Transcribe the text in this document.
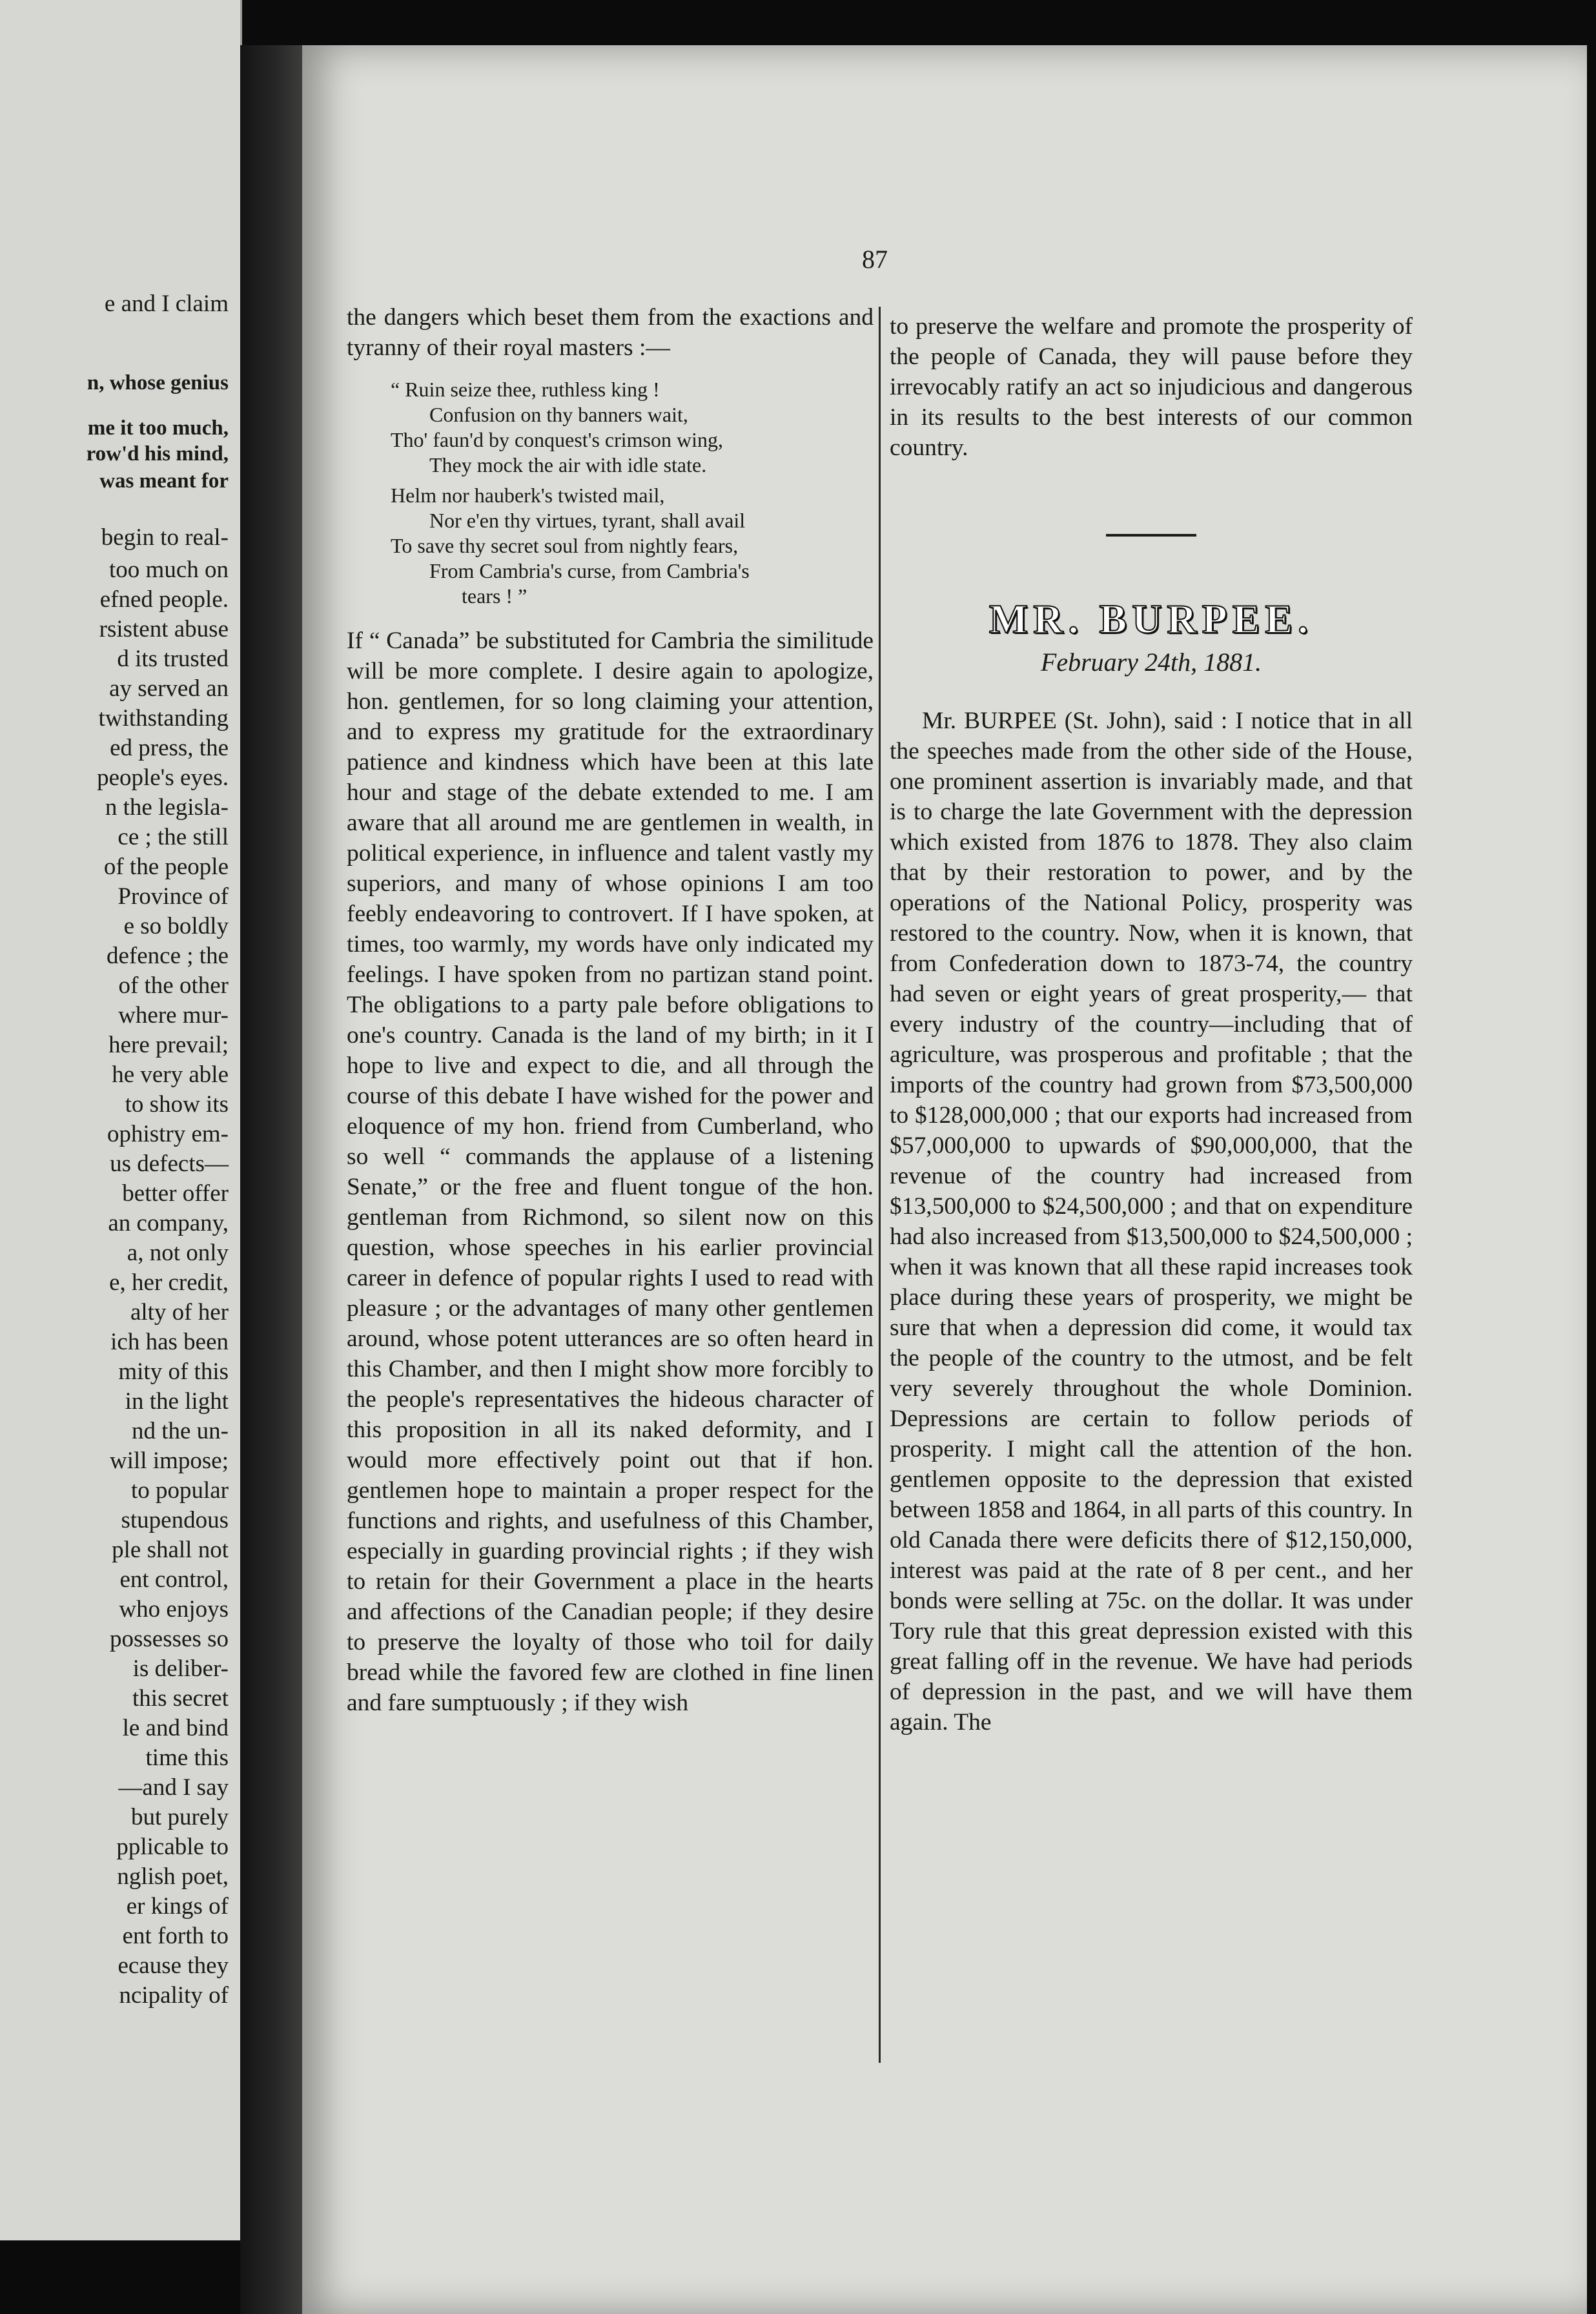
e and I claim
n, whose genius
me it too much,
row'd his mind,
was meant for
begin to real-
too much on
efned people.
rsistent abuse
d its trusted
ay served an
twithstanding
ed press, the
people's eyes.
n the legisla-
ce ; the still
of the people
Province of
e so boldly
defence ; the
of the other
where mur-
here prevail;
he very able
to show its
ophistry em-
us defects—
better offer
an company,
a, not only
e, her credit,
alty of her
ich has been
mity of this
in the light
nd the un-
will impose;
to popular
stupendous
ple shall not
ent control,
who enjoys
possesses so
is deliber-
this secret
le and bind
time this
—and I say
but purely
pplicable to
nglish poet,
er kings of
ent forth to
ecause they
ncipality of
87

the dangers which beset them from the exactions and tyranny of their royal masters :—

“ Ruin seize thee, ruthless king !
Confusion on thy banners wait,
Tho' faun'd by conquest's crimson wing,
They mock the air with idle state.
Helm nor hauberk's twisted mail,
Nor e'en thy virtues, tyrant, shall avail
To save thy secret soul from nightly fears,
From Cambria's curse, from Cambria's
tears ! ”

If “ Canada” be substituted for Cambria the similitude will be more complete. I desire again to apologize, hon. gentlemen, for so long claiming your attention, and to express my gratitude for the extraordinary patience and kindness which have been at this late hour and stage of the debate extended to me. I am aware that all around me are gentlemen in wealth, in political experience, in influence and talent vastly my superiors, and many of whose opinions I am too feebly endeavoring to controvert. If I have spoken, at times, too warmly, my words have only indicated my feelings. I have spoken from no partizan stand point. The obligations to a party pale before obligations to one's country. Canada is the land of my birth; in it I hope to live and expect to die, and all through the course of this debate I have wished for the power and eloquence of my hon. friend from Cumberland, who so well “ commands the applause of a listening Senate,” or the free and fluent tongue of the hon. gentleman from Richmond, so silent now on this question, whose speeches in his earlier provincial career in defence of popular rights I used to read with pleasure ; or the advantages of many other gentlemen around, whose potent utterances are so often heard in this Chamber, and then I might show more forcibly to the people's representatives the hideous character of this proposition in all its naked deformity, and I would more effectively point out that if hon. gentlemen hope to maintain a proper respect for the functions and rights, and usefulness of this Chamber, especially in guarding provincial rights ; if they wish to retain for their Government a place in the hearts and affections of the Canadian people; if they desire to preserve the loyalty of those who toil for daily bread while the favored few are clothed in fine linen and fare sumptuously ; if they wish

to preserve the welfare and promote the prosperity of the people of Canada, they will pause before they irrevocably ratify an act so injudicious and dangerous in its results to the best interests of our common country.

MR. BURPEE.
February 24th, 1881.

Mr. BURPEE (St. John), said : I notice that in all the speeches made from the other side of the House, one prominent assertion is invariably made, and that is to charge the late Government with the depression which existed from 1876 to 1878. They also claim that by their restoration to power, and by the operations of the National Policy, prosperity was restored to the country. Now, when it is known, that from Confederation down to 1873-74, the country had seven or eight years of great prosperity,— that every industry of the country—including that of agriculture, was prosperous and profitable ; that the imports of the country had grown from $73,500,000 to $128,000,000 ; that our exports had increased from $57,000,000 to upwards of $90,000,000, that the revenue of the country had increased from $13,500,000 to $24,500,000 ; and that on expenditure had also increased from $13,500,000 to $24,500,000 ; when it was known that all these rapid increases took place during these years of prosperity, we might be sure that when a depression did come, it would tax the people of the country to the utmost, and be felt very severely throughout the whole Dominion. Depressions are certain to follow periods of prosperity. I might call the attention of the hon. gentlemen opposite to the depression that existed between 1858 and 1864, in all parts of this country. In old Canada there were deficits there of $12,150,000, interest was paid at the rate of 8 per cent., and her bonds were selling at 75c. on the dollar. It was under Tory rule that this great depression existed with this great falling off in the revenue. We have had periods of depression in the past, and we will have them again. The
